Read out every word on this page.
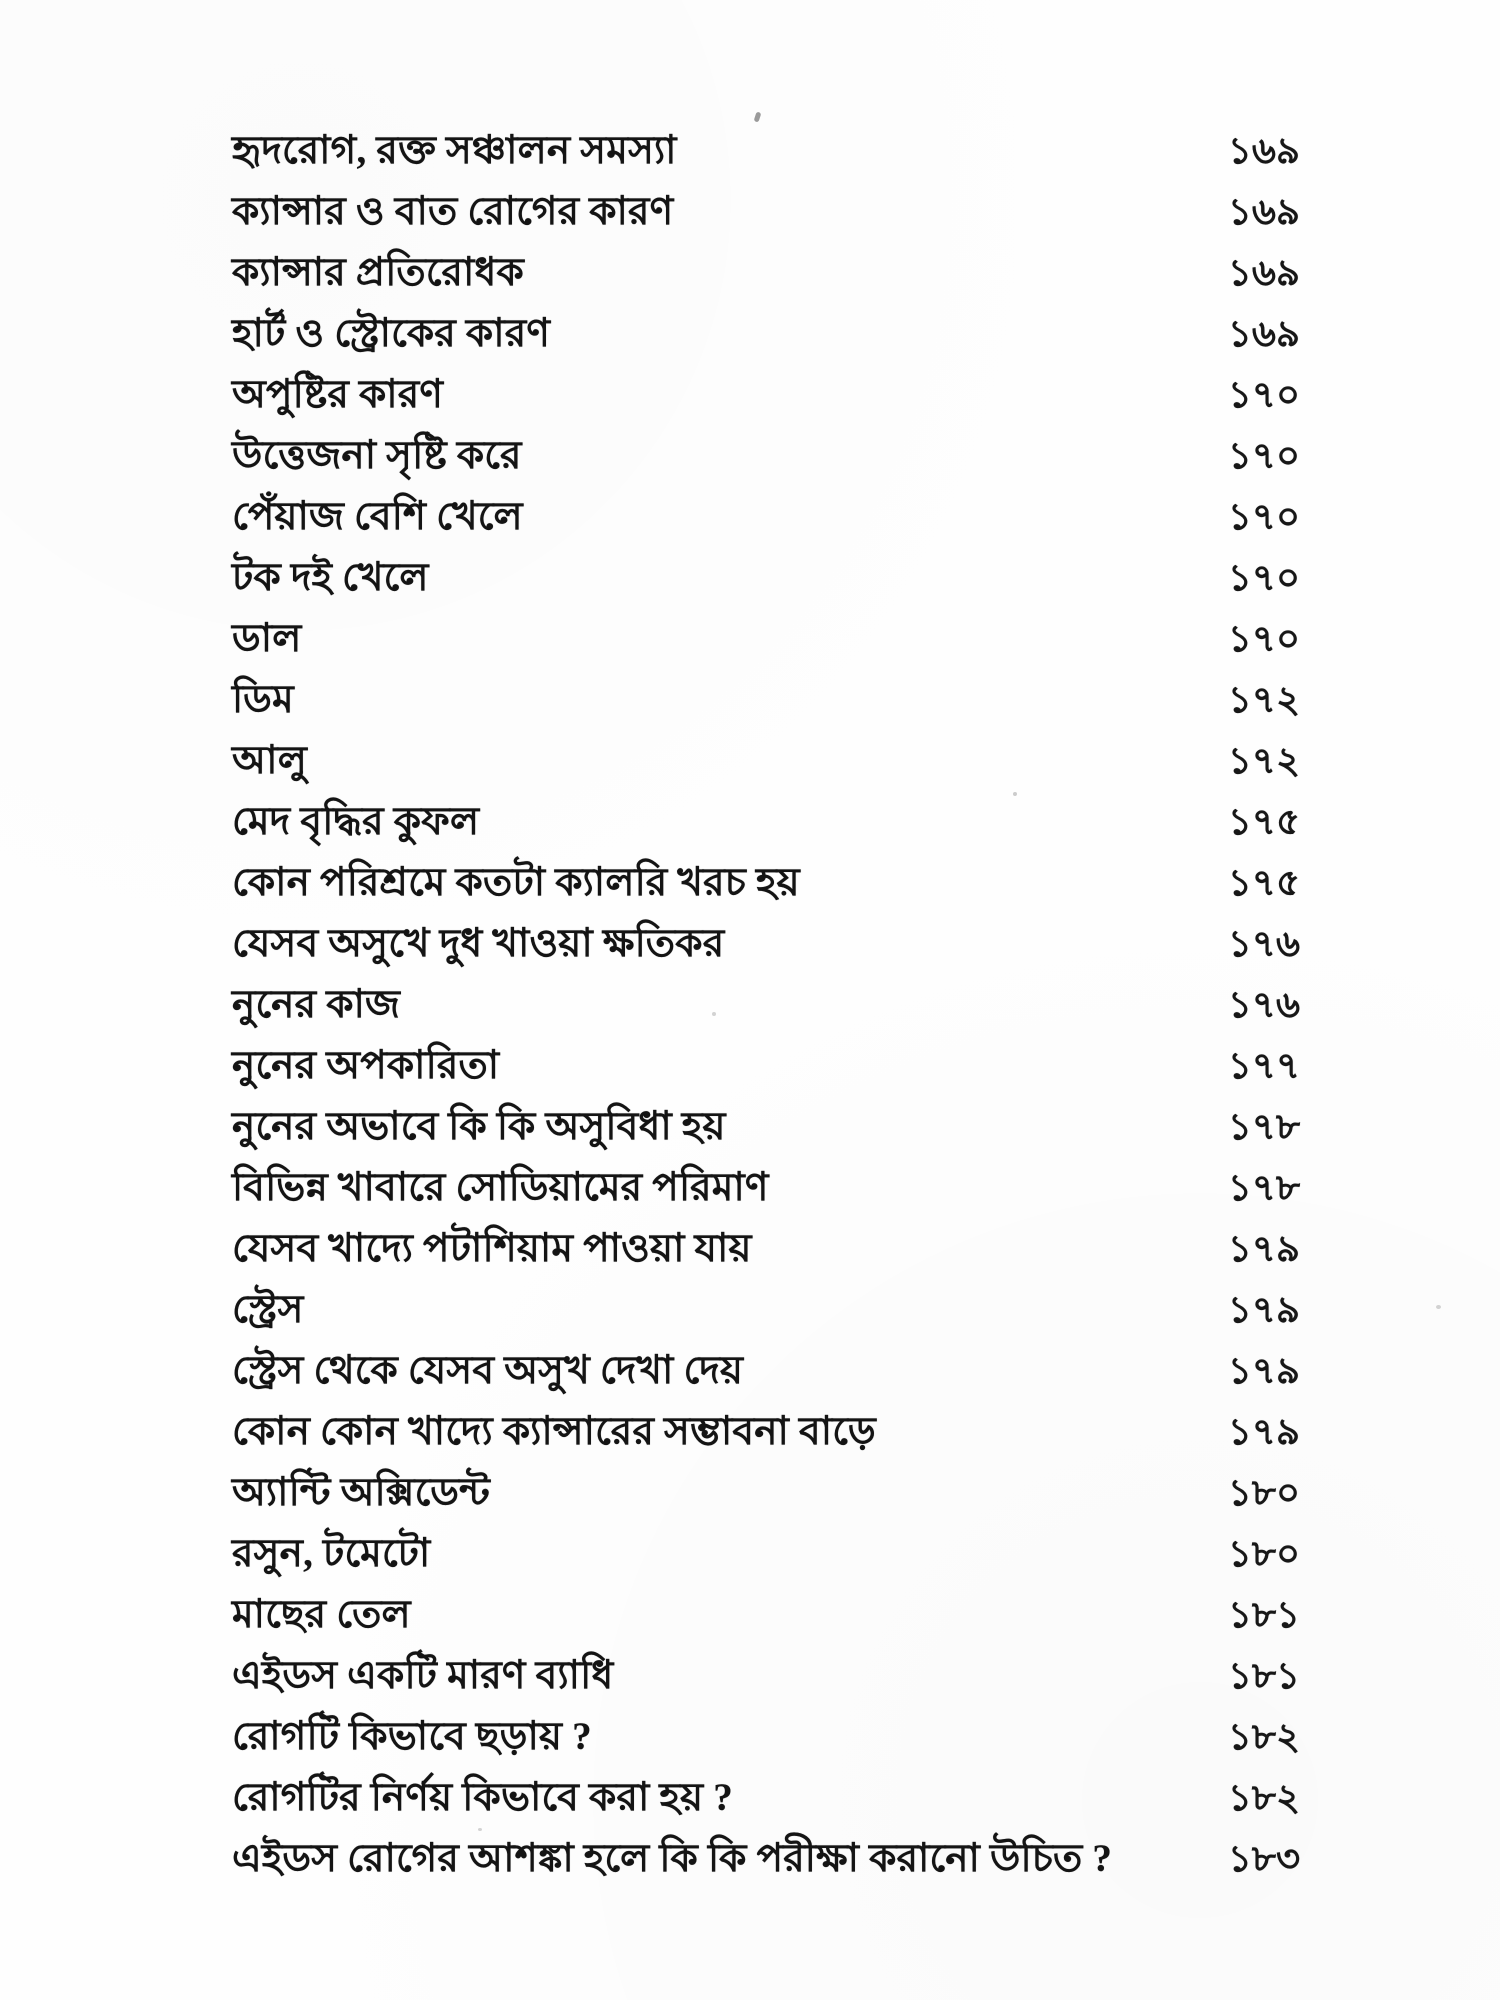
হৃদরোগ, রক্ত সঞ্চালন সমস্যা	১৬৯
ক্যান্সার ও বাত রোগের কারণ	১৬৯
ক্যান্সার প্রতিরোধক	১৬৯
হার্ট ও স্ট্রোকের কারণ	১৬৯
অপুষ্টির কারণ	১৭০
উত্তেজনা সৃষ্টি করে	১৭০
পেঁয়াজ বেশি খেলে	১৭০
টক দই খেলে	১৭০
ডাল	১৭০
ডিম	১৭২
আলু	১৭২
মেদ বৃদ্ধির কুফল	১৭৫
কোন পরিশ্রমে কতটা ক্যালরি খরচ হয়	১৭৫
যেসব অসুখে দুধ খাওয়া ক্ষতিকর	১৭৬
নুনের কাজ	১৭৬
নুনের অপকারিতা	১৭৭
নুনের অভাবে কি কি অসুবিধা হয়	১৭৮
বিভিন্ন খাবারে সোডিয়ামের পরিমাণ	১৭৮
যেসব খাদ্যে পটাশিয়াম পাওয়া যায়	১৭৯
স্ট্রেস	১৭৯
স্ট্রেস থেকে যেসব অসুখ দেখা দেয়	১৭৯
কোন কোন খাদ্যে ক্যান্সারের সম্ভাবনা বাড়ে	১৭৯
অ্যান্টি অক্সিডেন্ট	১৮০
রসুন, টমেটো	১৮০
মাছের তেল	১৮১
এইডস একটি মারণ ব্যাধি	১৮১
রোগটি কিভাবে ছড়ায় ?	১৮২
রোগটির নির্ণয় কিভাবে করা হয় ?	১৮২
এইডস রোগের আশঙ্কা হলে কি কি পরীক্ষা করানো উচিত ?	১৮৩
